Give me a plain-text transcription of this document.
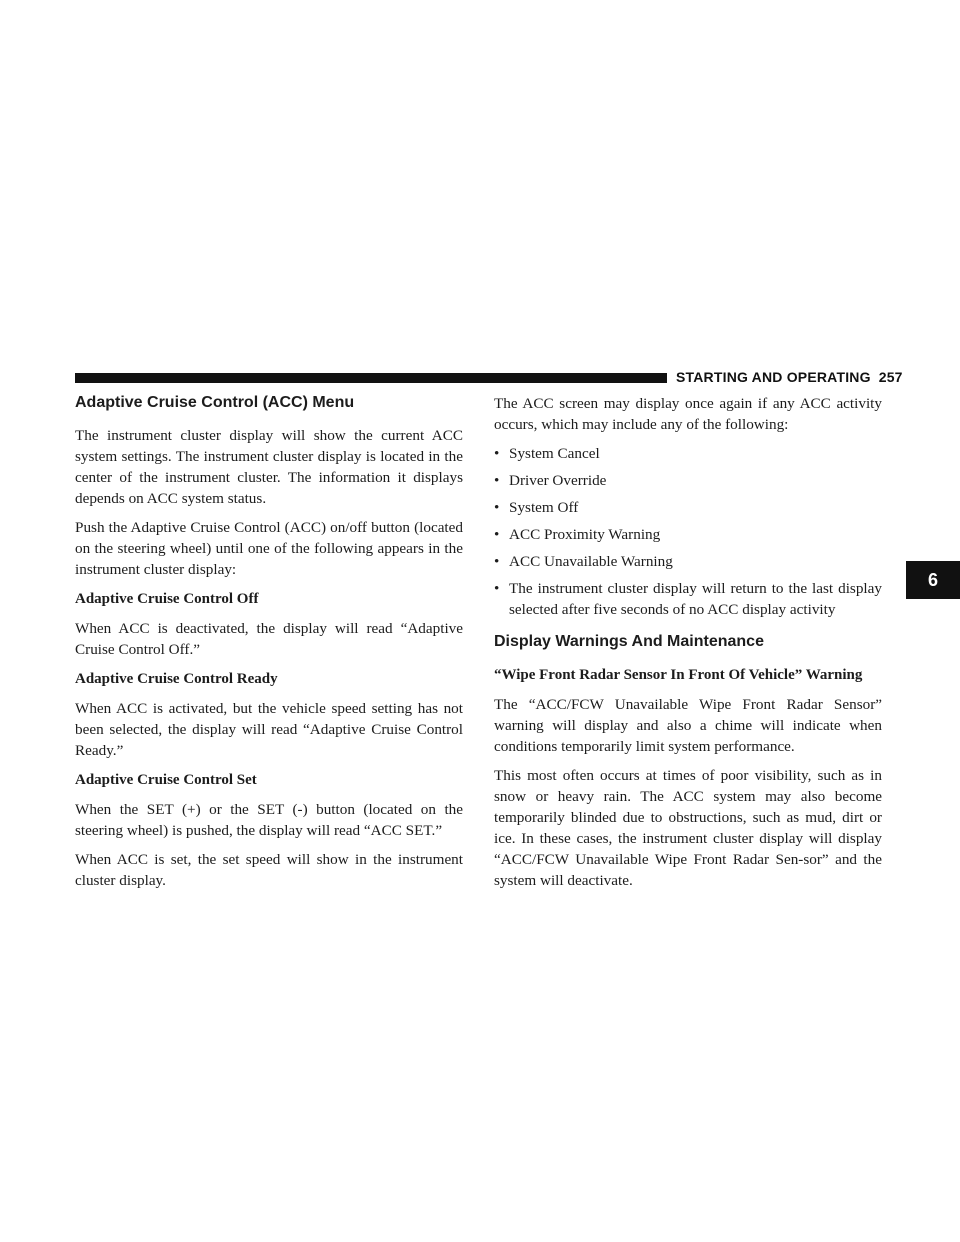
STARTING AND OPERATING 257
6
Adaptive Cruise Control (ACC) Menu

The instrument cluster display will show the current ACC system settings. The instrument cluster display is located in the center of the instrument cluster. The information it displays depends on ACC system status.

Push the Adaptive Cruise Control (ACC) on/off button (located on the steering wheel) until one of the following appears in the instrument cluster display:

Adaptive Cruise Control Off

When ACC is deactivated, the display will read “Adaptive Cruise Control Off.”

Adaptive Cruise Control Ready

When ACC is activated, but the vehicle speed setting has not been selected, the display will read “Adaptive Cruise Control Ready.”

Adaptive Cruise Control Set

When the SET (+) or the SET (-) button (located on the steering wheel) is pushed, the display will read “ACC SET.”

When ACC is set, the set speed will show in the instrument cluster display.

The ACC screen may display once again if any ACC activity occurs, which may include any of the following:

• System Cancel
• Driver Override
• System Off
• ACC Proximity Warning
• ACC Unavailable Warning
• The instrument cluster display will return to the last display selected after five seconds of no ACC display activity
Display Warnings And Maintenance
“Wipe Front Radar Sensor In Front Of Vehicle” Warning

The “ACC/FCW Unavailable Wipe Front Radar Sensor” warning will display and also a chime will indicate when conditions temporarily limit system performance.

This most often occurs at times of poor visibility, such as in snow or heavy rain. The ACC system may also become temporarily blinded due to obstructions, such as mud, dirt or ice. In these cases, the instrument cluster display will display “ACC/FCW Unavailable Wipe Front Radar Sen-sor” and the system will deactivate.
